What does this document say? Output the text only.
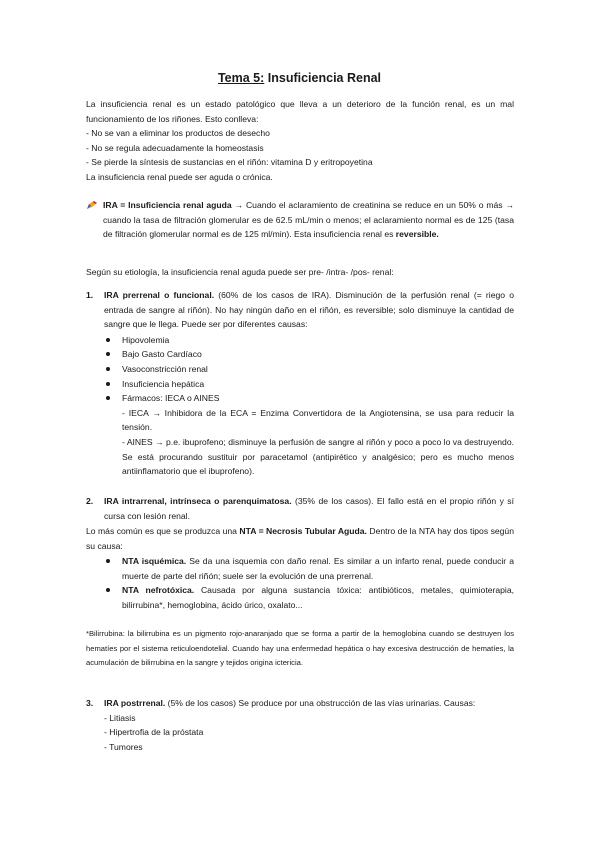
Tema 5: Insuficiencia Renal

La insuficiencia renal es un estado patológico que lleva a un deterioro de la función renal, es un mal funcionamiento de los riñones. Esto conlleva:

- No se van a eliminar los productos de desecho

- No se regula adecuadamente la homeostasis

- Se pierde la síntesis de sustancias en el riñón: vitamina D y eritropoyetina

La insuficiencia renal puede ser aguda o crónica.

IRA = Insuficiencia renal aguda → Cuando el aclaramiento de creatinina se reduce en un 50% o más → cuando la tasa de filtración glomerular es de 62.5 mL/min o menos; el aclaramiento normal es de 125 (tasa de filtración glomerular normal es de 125 ml/min). Esta insuficiencia renal es reversible.

Según su etiología, la insuficiencia renal aguda puede ser pre- /intra- /pos- renal:
1. IRA prerrenal o funcional. (60% de los casos de IRA). Disminución de la perfusión renal (= riego o entrada de sangre al riñón). No hay ningún daño en el riñón, es reversible; solo disminuye la cantidad de sangre que le llega. Puede ser por diferentes causas:

Hipovolemia
Bajo Gasto Cardíaco
Vasoconstricción renal
Insuficiencia hepática
Fármacos: IECA o AINES

- IECA → Inhibidora de la ECA = Enzima Convertidora de la Angiotensina, se usa para reducir la tensión.

- AINES → p.e. ibuprofeno; disminuye la perfusión de sangre al riñón y poco a poco lo va destruyendo. Se está procurando sustituir por paracetamol (antipirético y analgésico; pero es mucho menos antiinflamatorio que el ibuprofeno).

2. IRA intrarrenal, intrínseca o parenquimatosa. (35% de los casos). El fallo está en el propio riñón y sí cursa con lesión renal.

Lo más común es que se produzca una NTA = Necrosis Tubular Aguda. Dentro de la NTA hay dos tipos según su causa:
NTA isquémica. Se da una isquemia con daño renal. Es similar a un infarto renal, puede conducir a muerte de parte del riñón; suele ser la evolución de una prerrenal.
NTA nefrotóxica. Causada por alguna sustancia tóxica: antibióticos, metales, quimioterapia, bilirrubina*, hemoglobina, ácido úrico, oxalato...
*Bilirrubina: la bilirrubina es un pigmento rojo-anaranjado que se forma a partir de la hemoglobina cuando se destruyen los hematíes por el sistema reticuloendotelial. Cuando hay una enfermedad hepática o hay excesiva destrucción de hematíes, la acumulación de bilirrubina en la sangre y tejidos origina ictericia.
3. IRA postrrenal. (5% de los casos) Se produce por una obstrucción de las vías urinarias. Causas:

- Litiasis

- Hipertrofia de la próstata

- Tumores
